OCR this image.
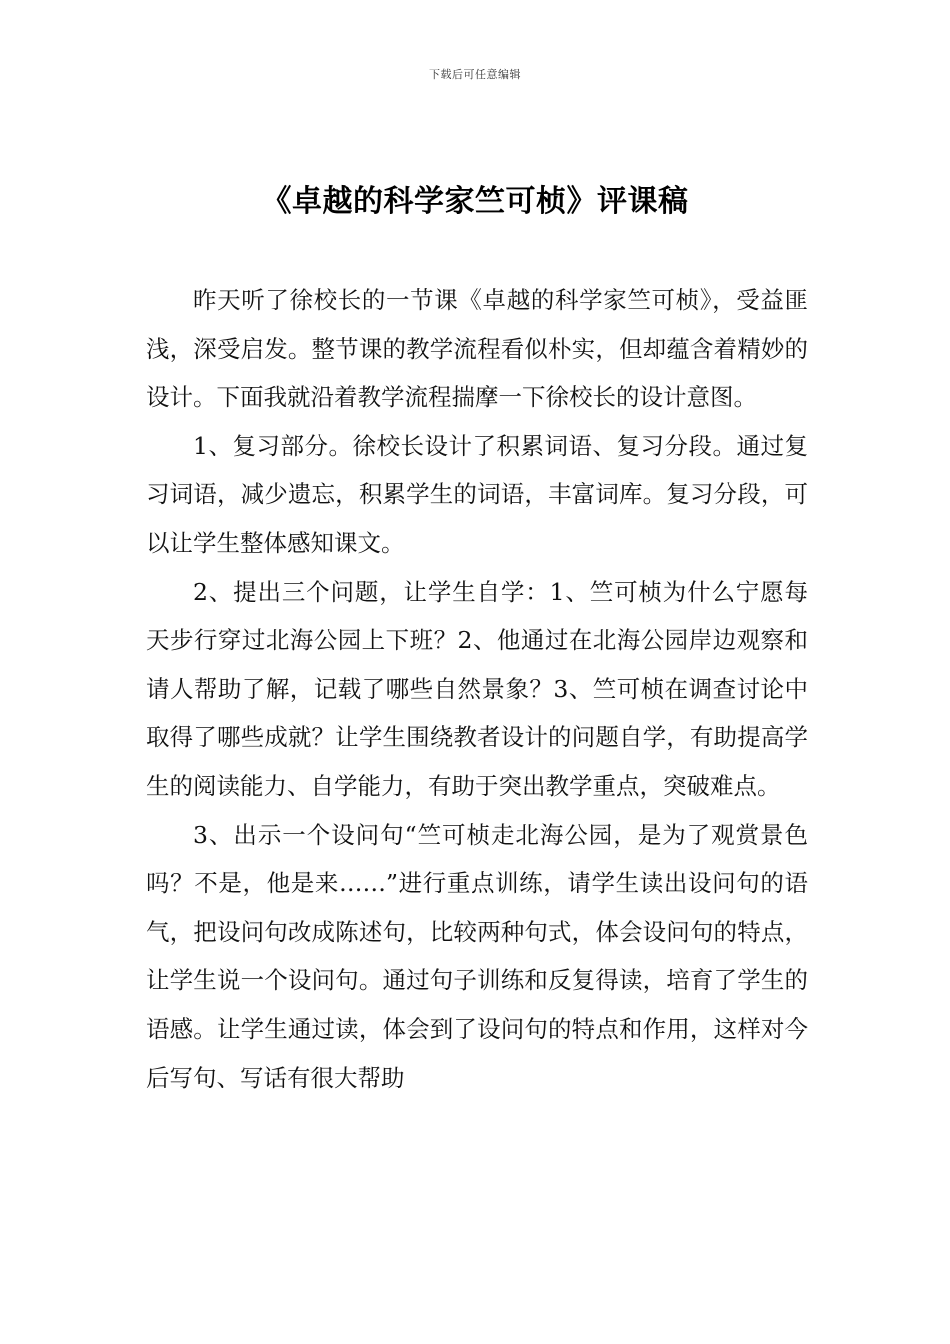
下载后可任意编辑
《卓越的科学家竺可桢》评课稿

昨天听了徐校长的一节课《卓越的科学家竺可桢》，受益匪浅，深受启发。整节课的教学流程看似朴实，但却蕴含着精妙的设计。下面我就沿着教学流程揣摩一下徐校长的设计意图。

1、复习部分。徐校长设计了积累词语、复习分段。通过复习词语，减少遗忘，积累学生的词语，丰富词库。复习分段，可以让学生整体感知课文。

2、提出三个问题，让学生自学：1、竺可桢为什么宁愿每天步行穿过北海公园上下班？2、他通过在北海公园岸边观察和请人帮助了解，记载了哪些自然景象？3、竺可桢在调查讨论中取得了哪些成就？让学生围绕教者设计的问题自学，有助提高学生的阅读能力、自学能力，有助于突出教学重点，突破难点。

3、出示一个设问句“竺可桢走北海公园，是为了观赏景色吗？不是，他是来……”进行重点训练，请学生读出设问句的语气，把设问句改成陈述句，比较两种句式，体会设问句的特点，让学生说一个设问句。通过句子训练和反复得读，培育了学生的语感。让学生通过读，体会到了设问句的特点和作用，这样对今后写句、写话有很大帮助
